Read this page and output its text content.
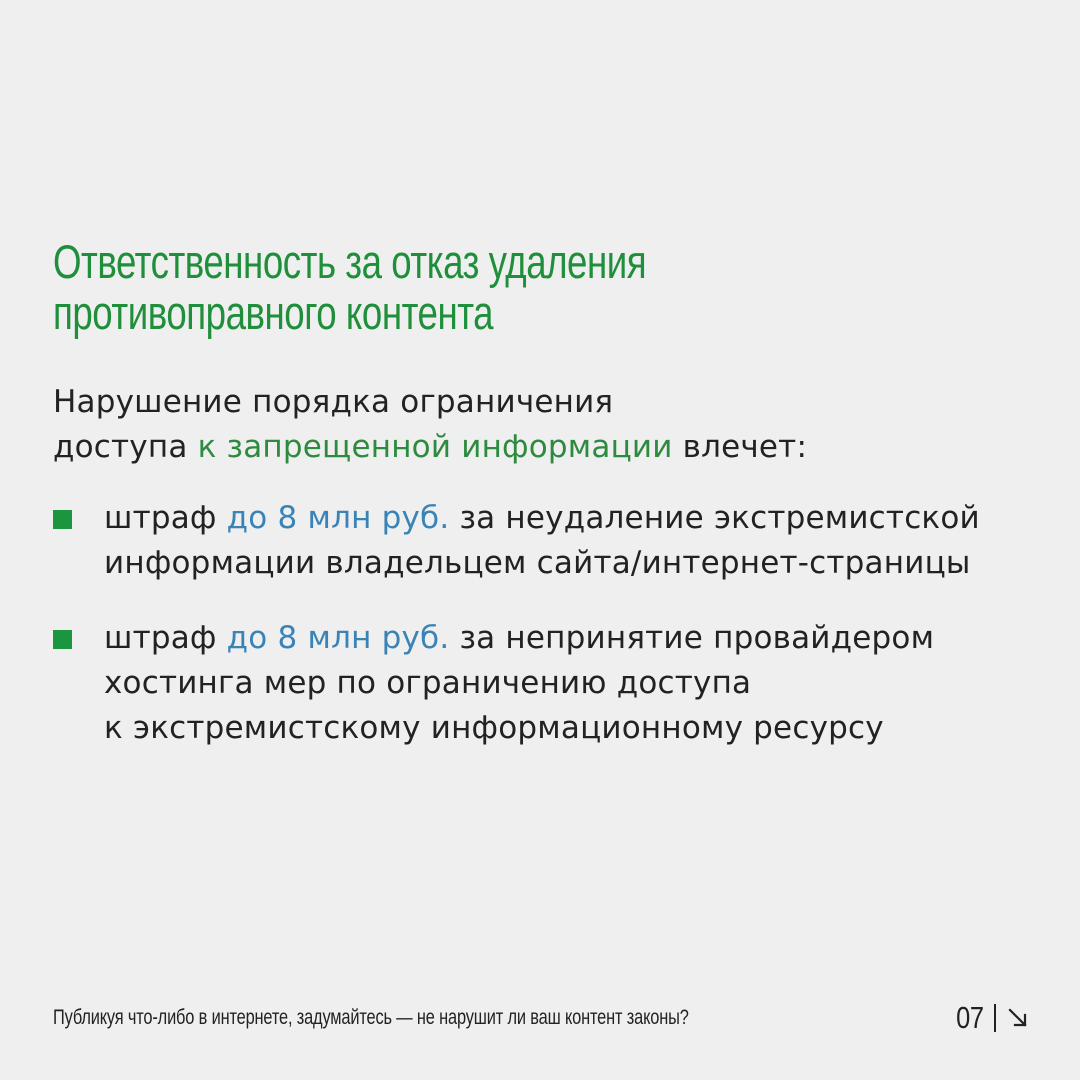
Ответственность за отказ удаления
противоправного контента
Нарушение порядка ограничения
доступа к запрещенной информации влечет:
штраф до 8 млн руб. за неудаление экстремистской
информации владельцем сайта/интернет-страницы
штраф до 8 млн руб. за непринятие провайдером
хостинга мер по ограничению доступа
к экстремистскому информационному ресурсу

Публикуя что-либо в интернете, задумайтесь — не нарушит ли ваш контент законы?	07
